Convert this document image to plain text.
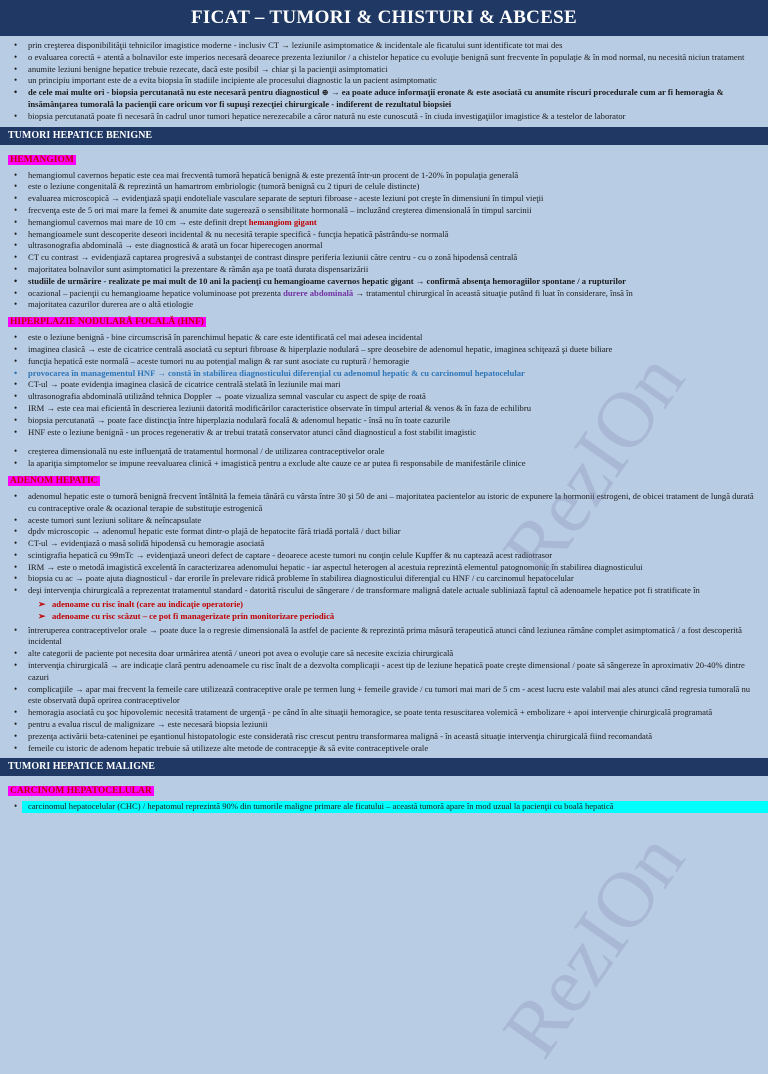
FICAT – TUMORI & CHISTURI & ABCESE
• prin creşterea disponibilităţii tehnicilor imagistice moderne - inclusiv CT → leziunile asimptomatice & incidentale ale ficatului sunt identificate tot mai des
• o evaluarea corectă + atentă a bolnavilor este imperios necesară deoarece prezenta leziunilor / a chistelor hepatice cu evoluţie benignă sunt frecvente în populaţie & în mod normal, nu necesită niciun tratament
• anumite leziuni benigne hepatice trebuie rezecate, dacă este posibil → chiar şi la pacienţii asimptomatici
• un principiu important este de a evita biopsia în stadiile incipiente ale procesului diagnostic la un pacient asimptomatic
• de cele mai multe ori - biopsia percutanată nu este necesară pentru diagnosticul ⊕ → ea poate aduce informaţii eronate & este asociată cu anumite riscuri procedurale cum ar fi hemoragia & însămânţarea tumorală la pacienţii care oricum vor fi supuşi rezecţiei chirurgicale - indiferent de rezultatul biopsiei
• biopsia percutanată poate fi necesară în cadrul unor tumori hepatice nerezecabile a căror natură nu este cunoscută - în ciuda investigaţiilor imagistice & a testelor de laborator
TUMORI HEPATICE BENIGNE
HEMANGIOM
• hemangiomul cavernos hepatic este cea mai frecventă tumoră hepatică benignă & este prezentă într-un procent de 1-20% în populaţia generală
• este o leziune congenitală & reprezintă un hamartrom embriologic (tumoră benignă cu 2 tipuri de celule distincte)
• evaluarea microscopică → evidenţiază spaţii endoteliale vasculare separate de septuri fibroase - aceste leziuni pot creşte în dimensiuni în timpul vieţii
• frecvenţa este de 5 ori mai mare la femei & anumite date sugerează o sensibilitate hormonală – incluzând creşterea dimensională în timpul sarcinii
• hemangiomul cavernos mai mare de 10 cm → este definit drept hemangiom gigant
• hemangioamele sunt descoperite deseori incidental & nu necesită terapie specifică - funcţia hepatică păstrându-se normală
• ultrasonografia abdominală → este diagnostică & arată un focar hiperecogen anormal
• CT cu contrast → evidenţiază captarea progresivă a substanţei de contrast dinspre periferia leziunii către centru - cu o zonă hipodensă centrală
• majoritatea bolnavilor sunt asimptomatici la prezentare & rămân aşa pe toată durata dispensarizării
• studiile de urmărire - realizate pe mai mult de 10 ani la pacienţi cu hemangioame cavernos hepatic gigant → confirmă absenţa hemoragiilor spontane / a rupturilor
• ocazional – pacienţii cu hemangioame hepatice voluminoase pot prezenta durere abdominală → tratamentul chirurgical în această situaţie putând fi luat în considerare, însă în
• majoritatea cazurilor durerea are o altă etiologie
HIPERPLAZIE NODULARĂ FOCALĂ (HNF)
• este o leziune benignă - bine circumscrisă în parenchimul hepatic & care este identificată cel mai adesea incidental
• imaginea clasică → este de cicatrice centrală asociată cu septuri fibroase & hiperplazie nodulară – spre deosebire de adenomul hepatic, imaginea schiţează şi duete biliare
• funcţia hepatică este normală – aceste tumori nu au potenţial malign & rar sunt asociate cu ruptură / hemoragie
• provocarea în managementul HNF → constă în stabilirea diagnosticului diferenţial cu adenomul hepatic & cu carcinomul hepatocelular
• CT-ul → poate evidenţia imaginea clasică de cicatrice centrală stelată în leziunile mai mari
• ultrasonografia abdominală utilizând tehnica Doppler → poate vizualiza semnal vascular cu aspect de spiţe de roată
• IRM → este cea mai eficientă în descrierea leziunii datorită modificărilor caracteristice observate în timpul arterial & venos & în faza de echilibru
• biopsia percutanată → poate face distincţia între hiperplazia nodulară focală & adenomul hepatic - însă nu în toate cazurile
• HNF este o leziune benignă - un proces regenerativ & ar trebui tratată conservator atunci când diagnosticul a fost stabilit imagistic
• creşterea dimensională nu este influenţată de tratamentul hormonal / de utilizarea contraceptivelor orale
• la apariţia simptomelor se impune reevaluarea clinică + imagistică pentru a exclude alte cauze ce ar putea fi responsabile de manifestările clinice
ADENOM HEPATIC
• adenomul hepatic este o tumoră benignă frecvent întâlnită la femeia tânără cu vârsta între 30 şi 50 de ani – majoritatea pacientelor au istoric de expunere la hormonii estrogeni, de obicei tratament de lungă durată cu contraceptive orale & ocazional terapie de substituţie estrogenică
• aceste tumori sunt leziuni solitare & neîncapsulate
• dpdv microscopic → adenomul hepatic este format dintr-o plajă de hepatocite fără triadă portală / duct biliar
• CT-ul → evidenţiază o masă solidă hipodensă cu hemoragie asociată
• scintigrafia hepatică cu 99mTc → evidenţiază uneori defect de captare - deoarece aceste tumori nu conţin celule Kupffer & nu captează acest radiotrasor
• IRM → este o metodă imagistică excelentă în caracterizarea adenomului hepatic - iar aspectul heterogen al acestuia reprezintă elementul patognomonic în stabilirea diagnosticului
• biopsia cu ac → poate ajuta diagnosticul - dar erorile în prelevare ridică probleme în stabilirea diagnosticului diferenţial cu HNF / cu carcinomul hepatocelular
• deşi intervenţia chirurgicală a reprezentat tratamentul standard - datorită riscului de sângerare / de transformare malignă datele actuale subliniază faptul că adenoamele hepatice pot fi stratificate în
➢ adenoame cu risc înalt (care au indicaţie operatorie)
➢ adenoame cu risc scăzut – ce pot fi managerizate prin monitorizare periodică
• întreruperea contraceptivelor orale → poate duce la o regresie dimensională la astfel de paciente & reprezintă prima măsură terapeutică atunci când leziunea rămâne complet asimptomatică / a fost descoperită incidental
• alte categorii de paciente pot necesita doar urmărirea atentă / uneori pot avea o evoluţie care să necesite excizia chirurgicală
• intervenţia chirurgicală → are indicaţie clară pentru adenoamele cu risc înalt de a dezvolta complicaţii - acest tip de leziune hepatică poate creşte dimensional / poate să sângereze în aproximativ 20-40% dintre cazuri
• complicaţiile → apar mai frecvent la femeile care utilizează contraceptive orale pe termen lung + femeile gravide / cu tumori mai mari de 5 cm - acest lucru este valabil mai ales atunci când regresia tumorală nu este observată după oprirea contraceptivelor
• hemoragia asociată cu şoc hipovolemic necesită tratament de urgenţă - pe când în alte situaţii hemoragice, se poate tenta resuscitarea volemică + embolizare + apoi intervenţie chirurgicală programată
• pentru a evalua riscul de malignizare → este necesară biopsia leziunii
• prezenţa activării beta-cateninei pe eşantionul histopatologic este considerată risc crescut pentru transformarea malignă - în această situaţie intervenţia chirurgicală fiind recomandată
• femeile cu istoric de adenom hepatic trebuie să utilizeze alte metode de contracepţie & să evite contraceptivele orale
TUMORI HEPATICE MALIGNE
CARCINOM HEPATOCELULAR
• carcinomul hepatocelular (CHC) / hepatomul reprezintă 90% din tumorile maligne primare ale ficatului – această tumoră apare în mod uzual la pacienţii cu boală hepatică
RezIOn
RezIOn
